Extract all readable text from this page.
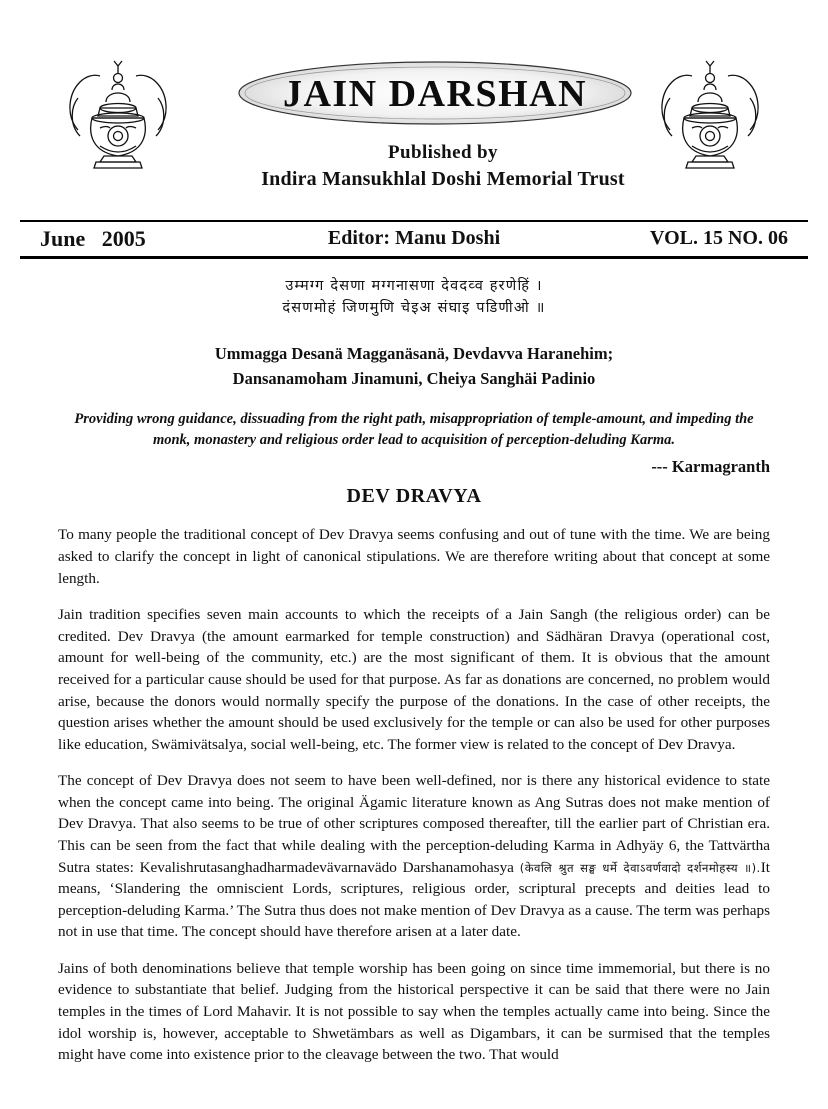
JAIN DARSHAN
Published by
Indira Mansukhlal Doshi Memorial Trust
June 2005	Editor: Manu Doshi	VOL. 15 NO. 06
उम्मग्ग देसणा मग्गनासणा देवदव्व हरणेहिं ।
दंसणमोहं जिणमुणि चेइअ संघाइ पडिणीओ ॥
Ummagga Desanä Magganäsanä, Devdavva Haranehim;
Dansanamoham Jinamuni, Cheiya Sanghäi Padinio
Providing wrong guidance, dissuading from the right path, misappropriation of temple-amount, and impeding the
monk, monastery and religious order lead to acquisition of perception-deluding Karma.
--- Karmagranth
DEV DRAVYA

To many people the traditional concept of Dev Dravya seems confusing and out of tune with the time. We are being asked to clarify the concept in light of canonical stipulations. We are therefore writing about that concept at some length.

Jain tradition specifies seven main accounts to which the receipts of a Jain Sangh (the religious order) can be credited. Dev Dravya (the amount earmarked for temple construction) and Sädhäran Dravya (operational cost, amount for well-being of the community, etc.) are the most significant of them. It is obvious that the amount received for a particular cause should be used for that purpose. As far as donations are concerned, no problem would arise, because the donors would normally specify the purpose of the donations. In the case of other receipts, the question arises whether the amount should be used exclusively for the temple or can also be used for other purposes like education, Swämivätsalya, social well-being, etc. The former view is related to the concept of Dev Dravya.

The concept of Dev Dravya does not seem to have been well-defined, nor is there any historical evidence to state when the concept came into being. The original Ägamic literature known as Ang Sutras does not make mention of Dev Dravya. That also seems to be true of other scriptures composed thereafter, till the earlier part of Christian era. This can be seen from the fact that while dealing with the perception-deluding Karma in Adhyäy 6, the Tattvärtha Sutra states: Kevalishrutasanghadharmadevävarnavädo Darshanamohasya (केवलि श्रुत सङ्घ धर्मे देवाऽवर्णवादो दर्शनमोहस्य ॥).It means, ‘Slandering the omniscient Lords, scriptures, religious order, scriptural precepts and deities lead to perception-deluding Karma.’ The Sutra thus does not make mention of Dev Dravya as a cause. The term was perhaps not in use that time. The concept should have therefore arisen at a later date.

Jains of both denominations believe that temple worship has been going on since time immemorial, but there is no evidence to substantiate that belief. Judging from the historical perspective it can be said that there were no Jain temples in the times of Lord Mahavir. It is not possible to say when the temples actually came into being. Since the idol worship is, however, acceptable to Shwetämbars as well as Digambars, it can be surmised that the temples might have come into existence prior to the cleavage between the two. That would
